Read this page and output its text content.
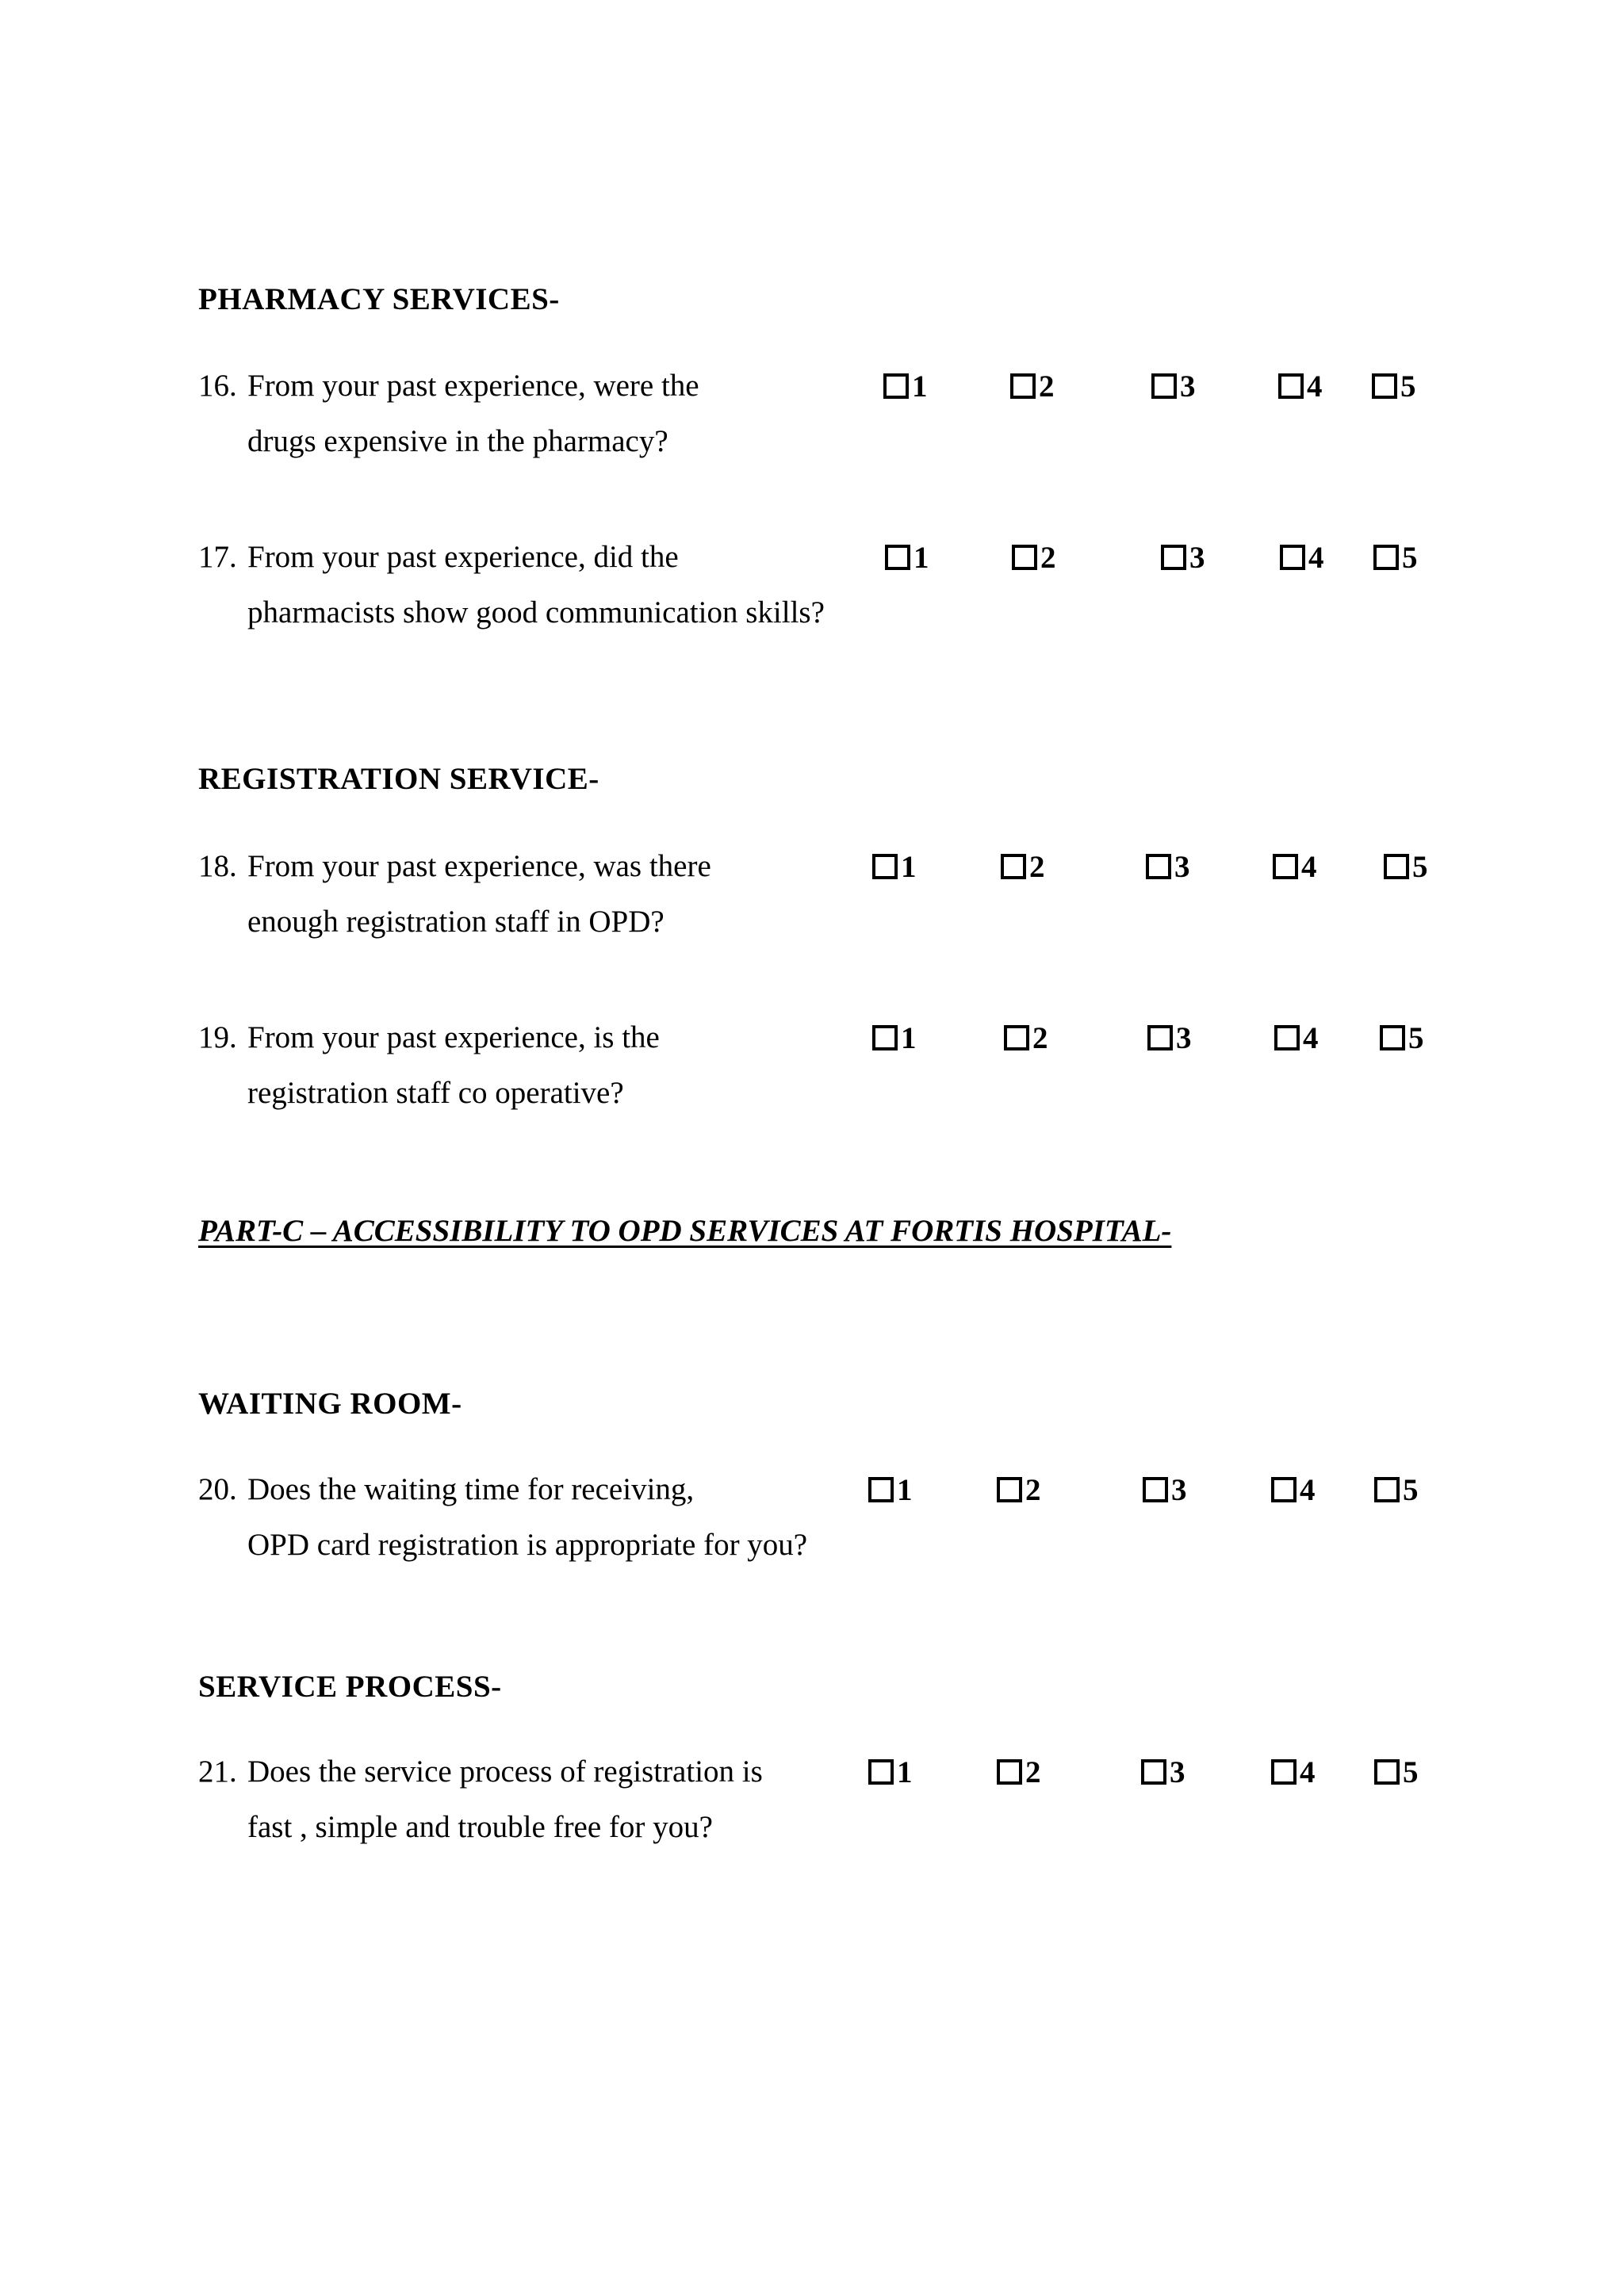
PHARMACY SERVICES-
16. From your past experience, were the
drugs expensive in the pharmacy?
1	2	3	4	5
17. From your past experience, did the
pharmacists show good communication skills?
1	2	3	4	5
REGISTRATION SERVICE-
18. From your past experience, was there
enough registration staff in OPD?
1	2	3	4	5
19. From your past experience, is the
registration staff co operative?
1	2	3	4	5
PART-C – ACCESSIBILITY TO OPD SERVICES AT FORTIS HOSPITAL-
WAITING ROOM-
20. Does the waiting time for receiving,
OPD card registration is appropriate for you?
1	2	3	4	5
SERVICE PROCESS-
21. Does the service process of registration is
fast , simple and trouble free for you?
1	2	3	4	5
